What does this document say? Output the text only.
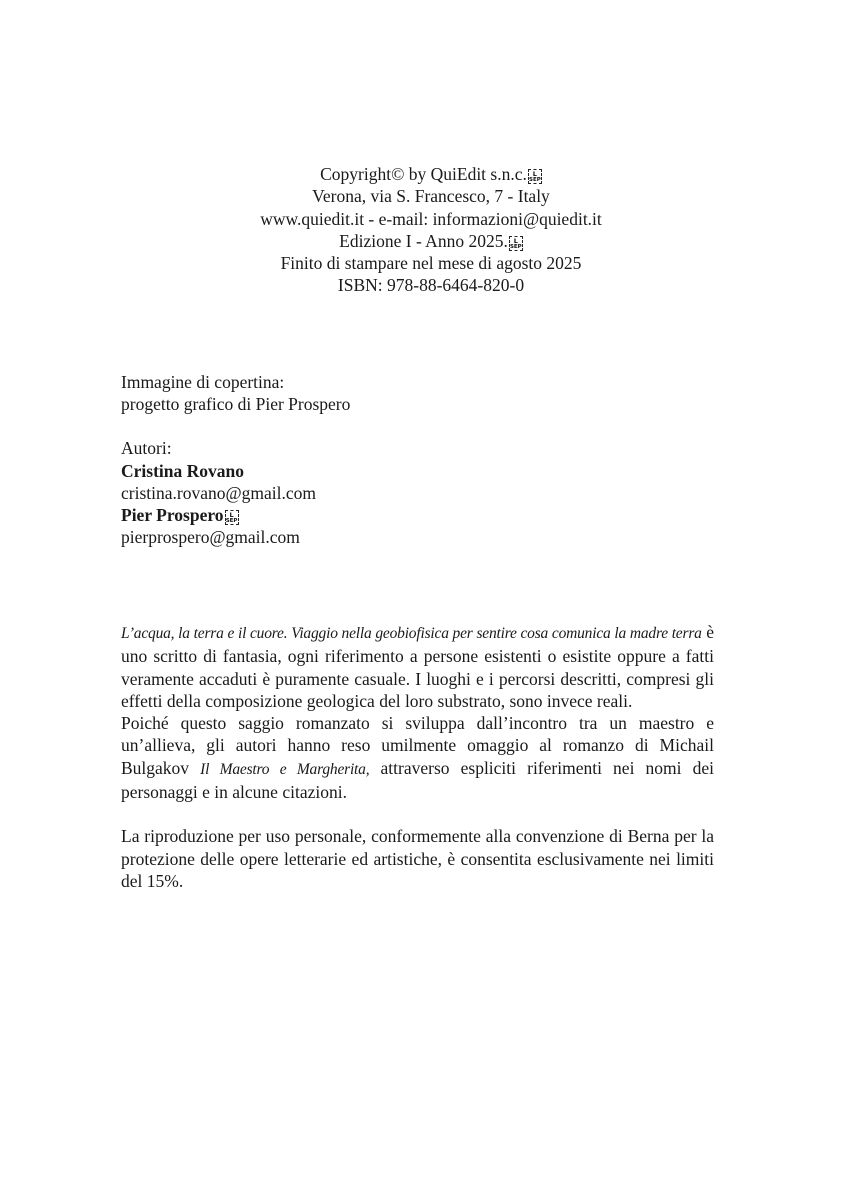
Copyright© by QuiEdit s.n.c. L
SEP
Verona, via S. Francesco, 7 - Italy
www.quiedit.it - e-mail: informazioni@quiedit.it
Edizione I - Anno 2025. L
SEP
Finito di stampare nel mese di agosto 2025
ISBN: 978-88-6464-820-0
Immagine di copertina:
progetto grafico di Pier Prospero
Autori:
Cristina Rovano
cristina.rovano@gmail.com
Pier Prospero L
SEP
pierprospero@gmail.com

L’acqua, la terra e il cuore. Viaggio nella geobiofisica per sentire cosa comunica la madre terra è uno scritto di fantasia, ogni riferimento a persone esistenti o esistite oppure a fatti veramente accaduti è puramente casuale. I luoghi e i percorsi descritti, compresi gli effetti della composizione geologica del loro substrato, sono invece reali.

Poiché questo saggio romanzato si sviluppa dall’incontro tra un maestro e un’allieva, gli autori hanno reso umilmente omaggio al romanzo di Michail Bulgakov Il Maestro e Margherita, attraverso espliciti riferimenti nei nomi dei personaggi e in alcune citazioni.

La riproduzione per uso personale, conformemente alla convenzione di Berna per la protezione delle opere letterarie ed artistiche, è consentita esclusivamente nei limiti del 15%.
